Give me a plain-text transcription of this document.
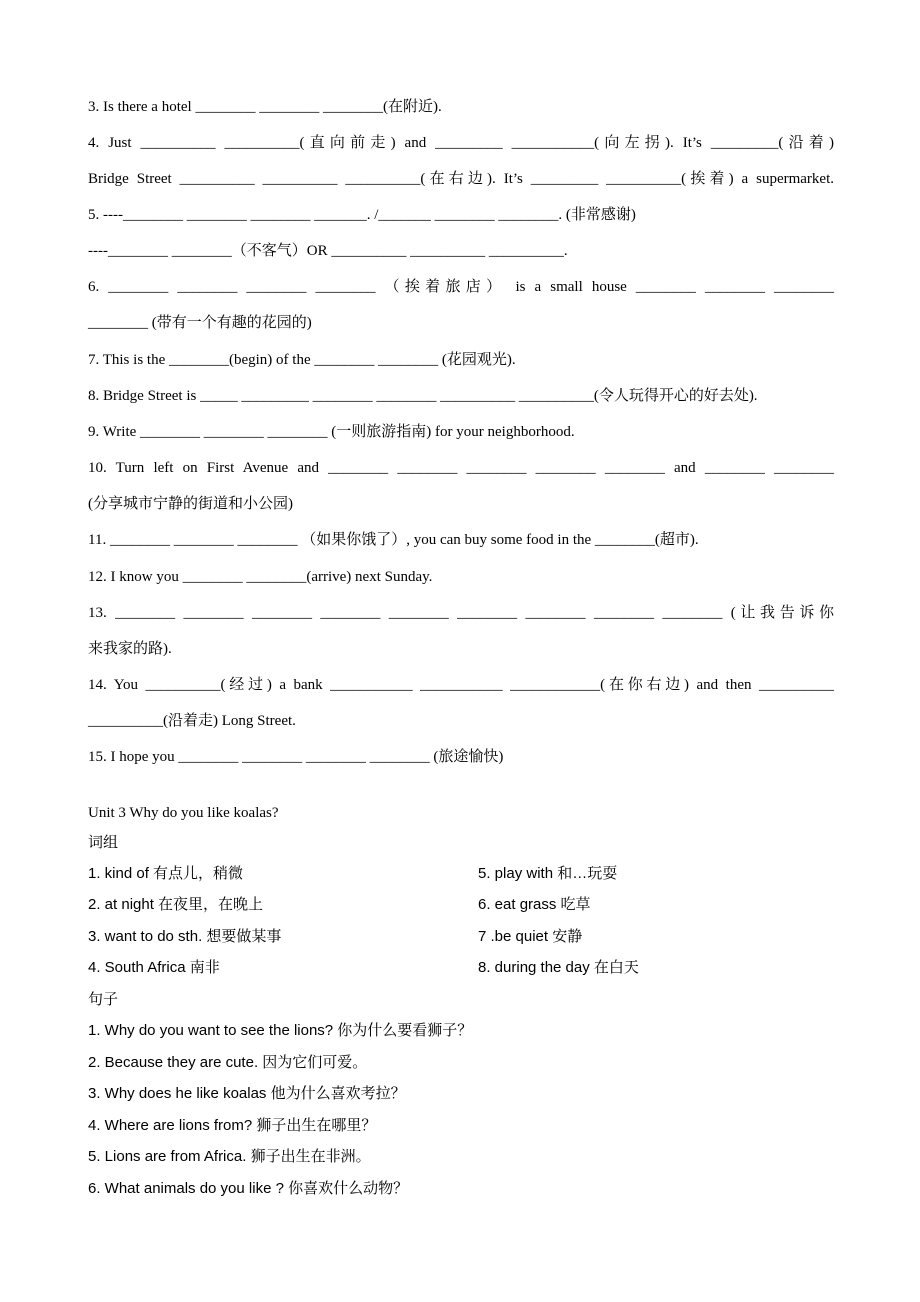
3. Is there a hotel ________ ________ ________(在附近).
4. Just __________ __________(直向前走) and _________ ___________(向左拐). It’s _________(沿着)
Bridge Street __________ __________ __________(在右边). It’s _________ __________(挨着) a supermarket.
5. ----________ ________ ________ _______. /_______ ________ ________. (非常感谢)
----________ ________（不客气）OR __________ __________ __________.
6. ________ ________ ________ ________ （挨着旅店） is a small house ________ ________ ________
________ (带有一个有趣的花园的)
7. This is the ________(begin) of the ________ ________ (花园观光).
8. Bridge Street is _____ _________ ________ ________ __________ __________(令人玩得开心的好去处).
9. Write ________ ________ ________ (一则旅游指南) for your neighborhood.
10. Turn left on First Avenue and ________ ________ ________ ________ ________ and ________ ________
(分享城市宁静的街道和小公园)
11. ________ ________ ________ （如果你饿了）, you can buy some food in the ________(超市).
12. I know you ________ ________(arrive) next Sunday.
13. ________ ________ ________ ________ ________ ________ ________ ________ ________ (让我告诉你
来我家的路).
14. You __________(经过) a bank ___________ ___________ ____________(在你右边) and then __________
__________(沿着走) Long Street.
15. I hope you ________ ________ ________ ________ (旅途愉快)
Unit 3 Why do you like koalas?
词组
1. kind of 有点儿，稍微	5. play with 和…玩耍
2. at night 在夜里，在晚上	6. eat grass 吃草
3. want to do sth. 想要做某事	7 .be quiet 安静
4. South Africa 南非	8. during the day 在白天
句子
1. Why do you want to see the lions? 你为什么要看狮子？
2. Because they are cute. 因为它们可爱。
3. Why does he like koalas 他为什么喜欢考拉？
4. Where are lions from? 狮子出生在哪里？
5. Lions are from Africa. 狮子出生在非洲。
6. What animals do you like ? 你喜欢什么动物？
